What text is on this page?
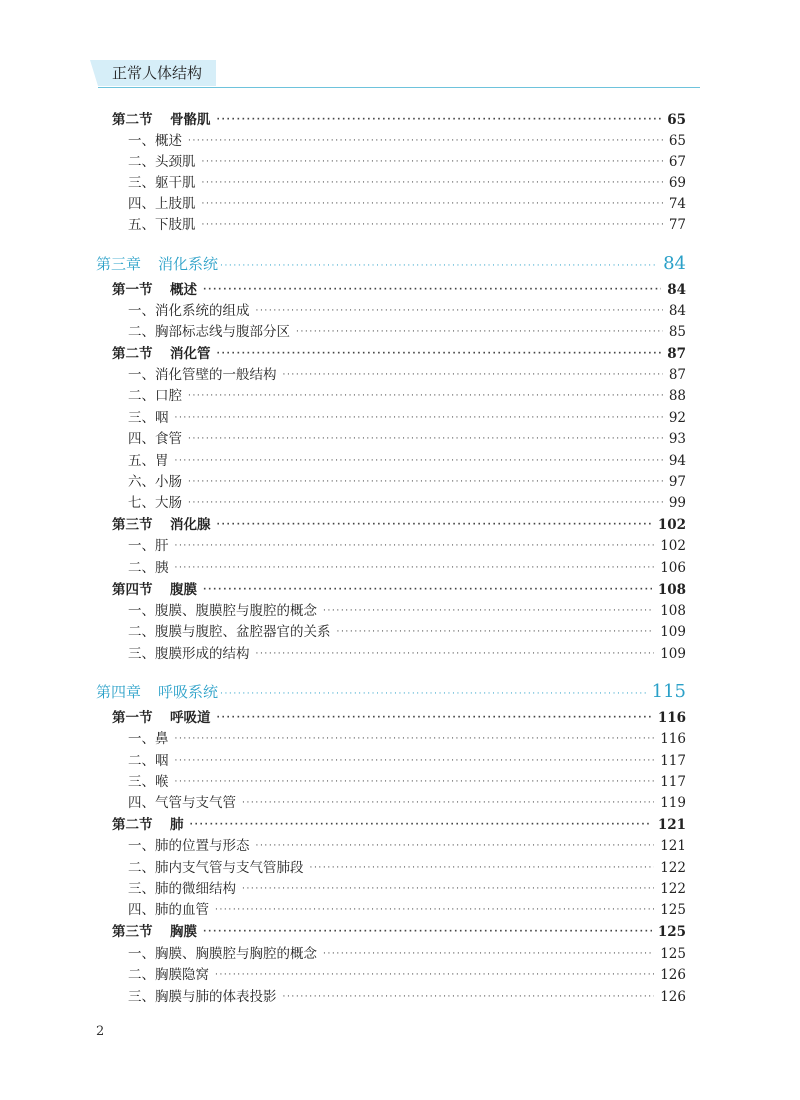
正常人体结构
第二节 骨骼肌 ·····	65
一、概述 ·····	65
二、头颈肌 ·····	67
三、躯干肌 ·····	69
四、上肢肌 ·····	74
五、下肢肌 ·····	77
第三章 消化系统 ·····	84
第一节 概述 ·····	84
一、消化系统的组成 ·····	84
二、胸部标志线与腹部分区 ·····	85
第二节 消化管 ·····	87
一、消化管壁的一般结构 ·····	87
二、口腔 ·····	88
三、咽 ·····	92
四、食管 ·····	93
五、胃 ·····	94
六、小肠 ·····	97
七、大肠 ·····	99
第三节 消化腺 ·····	102
一、肝 ·····	102
二、胰 ·····	106
第四节 腹膜 ·····	108
一、腹膜、腹膜腔与腹腔的概念 ·····	108
二、腹膜与腹腔、盆腔器官的关系 ·····	109
三、腹膜形成的结构 ·····	109
第四章 呼吸系统 ·····	115
第一节 呼吸道 ·····	116
一、鼻 ·····	116
二、咽 ·····	117
三、喉 ·····	117
四、气管与支气管 ·····	119
第二节 肺 ·····	121
一、肺的位置与形态 ·····	121
二、肺内支气管与支气管肺段 ·····	122
三、肺的微细结构 ·····	122
四、肺的血管 ·····	125
第三节 胸膜 ·····	125
一、胸膜、胸膜腔与胸腔的概念 ·····	125
二、胸膜隐窝 ·····	126
三、胸膜与肺的体表投影 ·····	126
2
